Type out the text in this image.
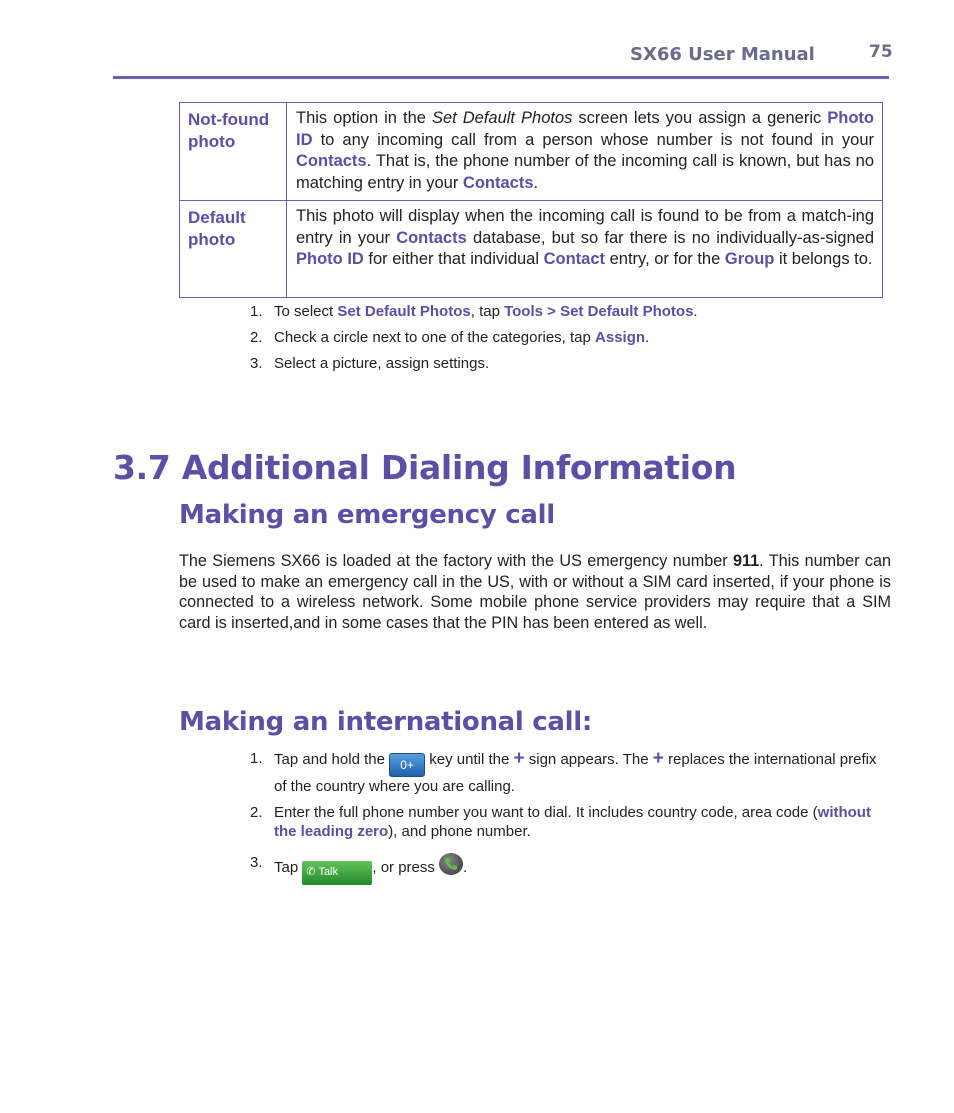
SX66 User Manual	75
Not-found photo	This option in the Set Default Photos screen lets you assign a generic Photo ID to any incoming call from a person whose number is not found in your Contacts. That is, the phone number of the incoming call is known, but has no matching entry in your Contacts.
Default photo	This photo will display when the incoming call is found to be from a match-ing entry in your Contacts database, but so far there is no individually-as-signed Photo ID for either that individual Contact entry, or for the Group it belongs to.
1. To select Set Default Photos, tap Tools > Set Default Photos.
2. Check a circle next to one of the categories, tap Assign.
3. Select a picture, assign settings.
3.7 Additional Dialing Information
Making an emergency call

The Siemens SX66 is loaded at the factory with the US emergency number 911. This number can be used to make an emergency call in the US, with or without a SIM card inserted, if your phone is connected to a wireless network. Some mobile phone service providers may require that a SIM card is inserted,and in some cases that the PIN has been entered as well.

Making an international call:
1. Tap and hold the 0+ key until the + sign appears. The + replaces the international prefix of the country where you are calling.
2. Enter the full phone number you want to dial. It includes country code, area code (without the leading zero), and phone number.
3. Tap ✆ Talk , or press
.
